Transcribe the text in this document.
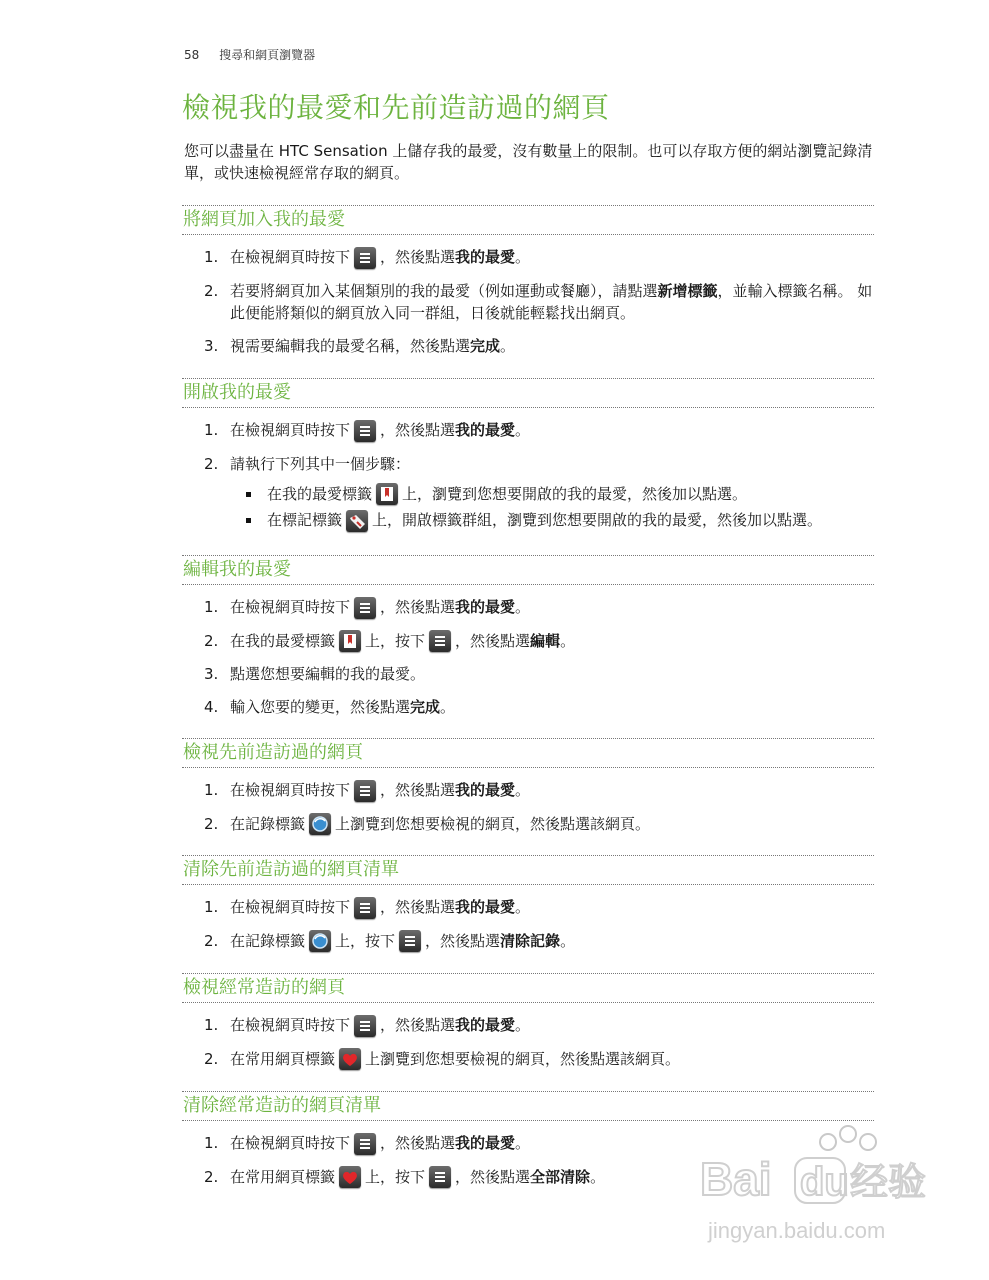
58 搜尋和網頁瀏覽器
檢視我的最愛和先前造訪過的網頁

您可以盡量在 HTC Sensation 上儲存我的最愛，沒有數量上的限制。也可以存取方便的網站瀏覽記錄清單，或快速檢視經常存取的網頁。

將網頁加入我的最愛
1. 在檢視網頁時按下 ，然後點選我的最愛。
2. 若要將網頁加入某個類別的我的最愛（例如運動或餐廳），請點選新增標籤，並輸入標籤名稱。 如此便能將類似的網頁放入同一群組，日後就能輕鬆找出網頁。
3. 視需要編輯我的最愛名稱，然後點選完成。
開啟我的最愛
1. 在檢視網頁時按下 ，然後點選我的最愛。
2. 請執行下列其中一個步驟：
在我的最愛標籤 上，瀏覽到您想要開啟的我的最愛，然後加以點選。
在標記標籤 上，開啟標籤群組，瀏覽到您想要開啟的我的最愛，然後加以點選。
編輯我的最愛
1. 在檢視網頁時按下 ，然後點選我的最愛。
2. 在我的最愛標籤 上，按下 ，然後點選編輯。
3. 點選您想要編輯的我的最愛。
4. 輸入您要的變更，然後點選完成。
檢視先前造訪過的網頁
1. 在檢視網頁時按下 ，然後點選我的最愛。
2. 在記錄標籤 上瀏覽到您想要檢視的網頁，然後點選該網頁。
清除先前造訪過的網頁清單
1. 在檢視網頁時按下 ，然後點選我的最愛。
2. 在記錄標籤 上，按下 ，然後點選清除記錄。
檢視經常造訪的網頁
1. 在檢視網頁時按下 ，然後點選我的最愛。
2. 在常用網頁標籤 上瀏覽到您想要檢視的網頁，然後點選該網頁。
清除經常造訪的網頁清單
1. 在檢視網頁時按下 ，然後點選我的最愛。
2. 在常用網頁標籤 上，按下 ，然後點選全部清除。	Bai du 经验
jingyan.baidu.com
